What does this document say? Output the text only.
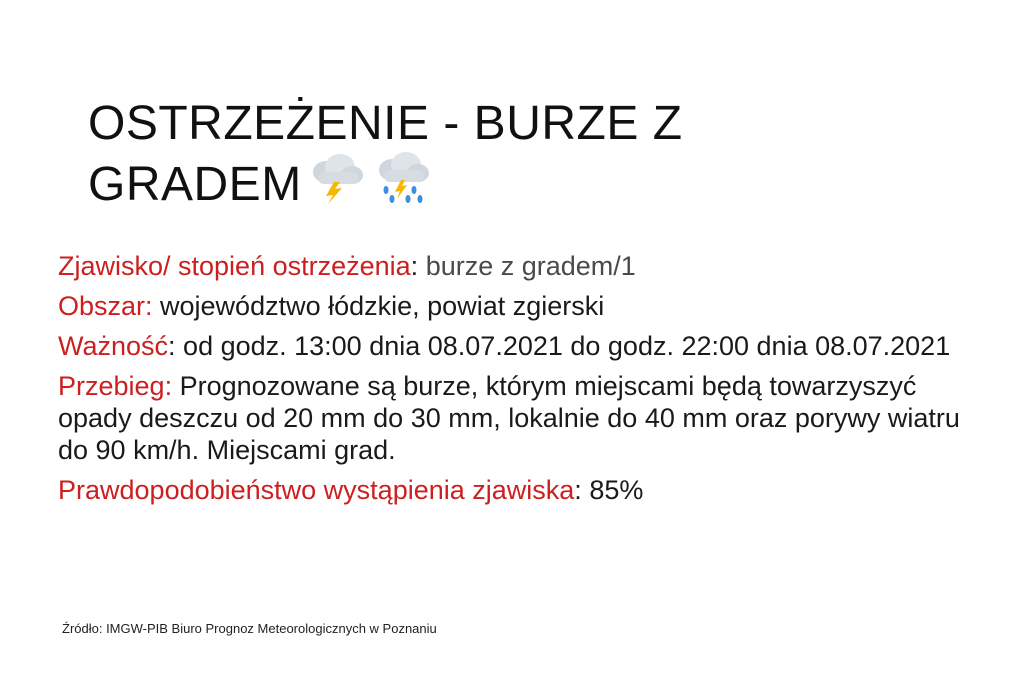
OSTRZEŻENIE - BURZE Z
GRADEM

Zjawisko/ stopień ostrzeżenia: burze z gradem/1

Obszar: województwo łódzkie, powiat zgierski

Ważność: od godz. 13:00 dnia 08.07.2021 do godz. 22:00 dnia 08.07.2021

Przebieg: Prognozowane są burze, którym miejscami będą towarzyszyć opady deszczu od 20 mm do 30 mm, lokalnie do 40 mm oraz porywy wiatru do 90 km/h. Miejscami grad.

Prawdopodobieństwo wystąpienia zjawiska: 85%

Źródło: IMGW-PIB Biuro Prognoz Meteorologicznych w Poznaniu
